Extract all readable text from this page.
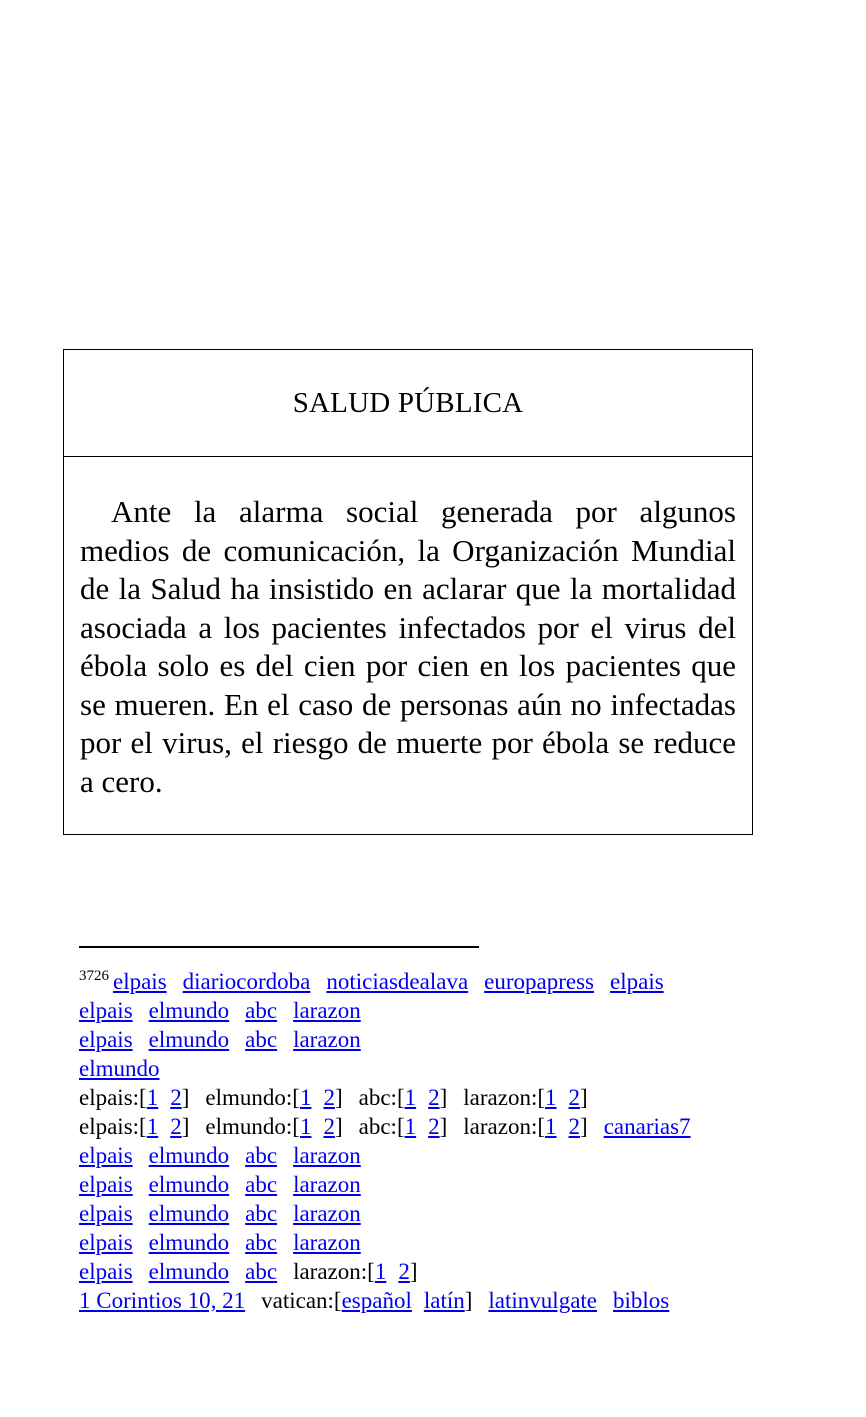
SALUD PÚBLICA
Ante la alarma social generada por algunos medios de comunicación, la Organización Mundial de la Salud ha insistido en aclarar que la mortalidad asociada a los pacientes infectados por el virus del ébola solo es del cien por cien en los pacientes que se mueren. En el caso de personas aún no infectadas por el virus, el riesgo de muerte por ébola se reduce a cero.
$^{3726}$ elpais diariocordoba noticiasdealava europapress elpais
elpais elmundo abc larazon
elpais elmundo abc larazon
elmundo
elpais:[1 2] elmundo:[1 2] abc:[1 2] larazon:[1 2]
elpais:[1 2] elmundo:[1 2] abc:[1 2] larazon:[1 2] canarias7
elpais elmundo abc larazon
elpais elmundo abc larazon
elpais elmundo abc larazon
elpais elmundo abc larazon
elpais elmundo abc larazon:[1 2]
1 Corintios 10, 21 vatican:[español latín] latinvulgate biblos
